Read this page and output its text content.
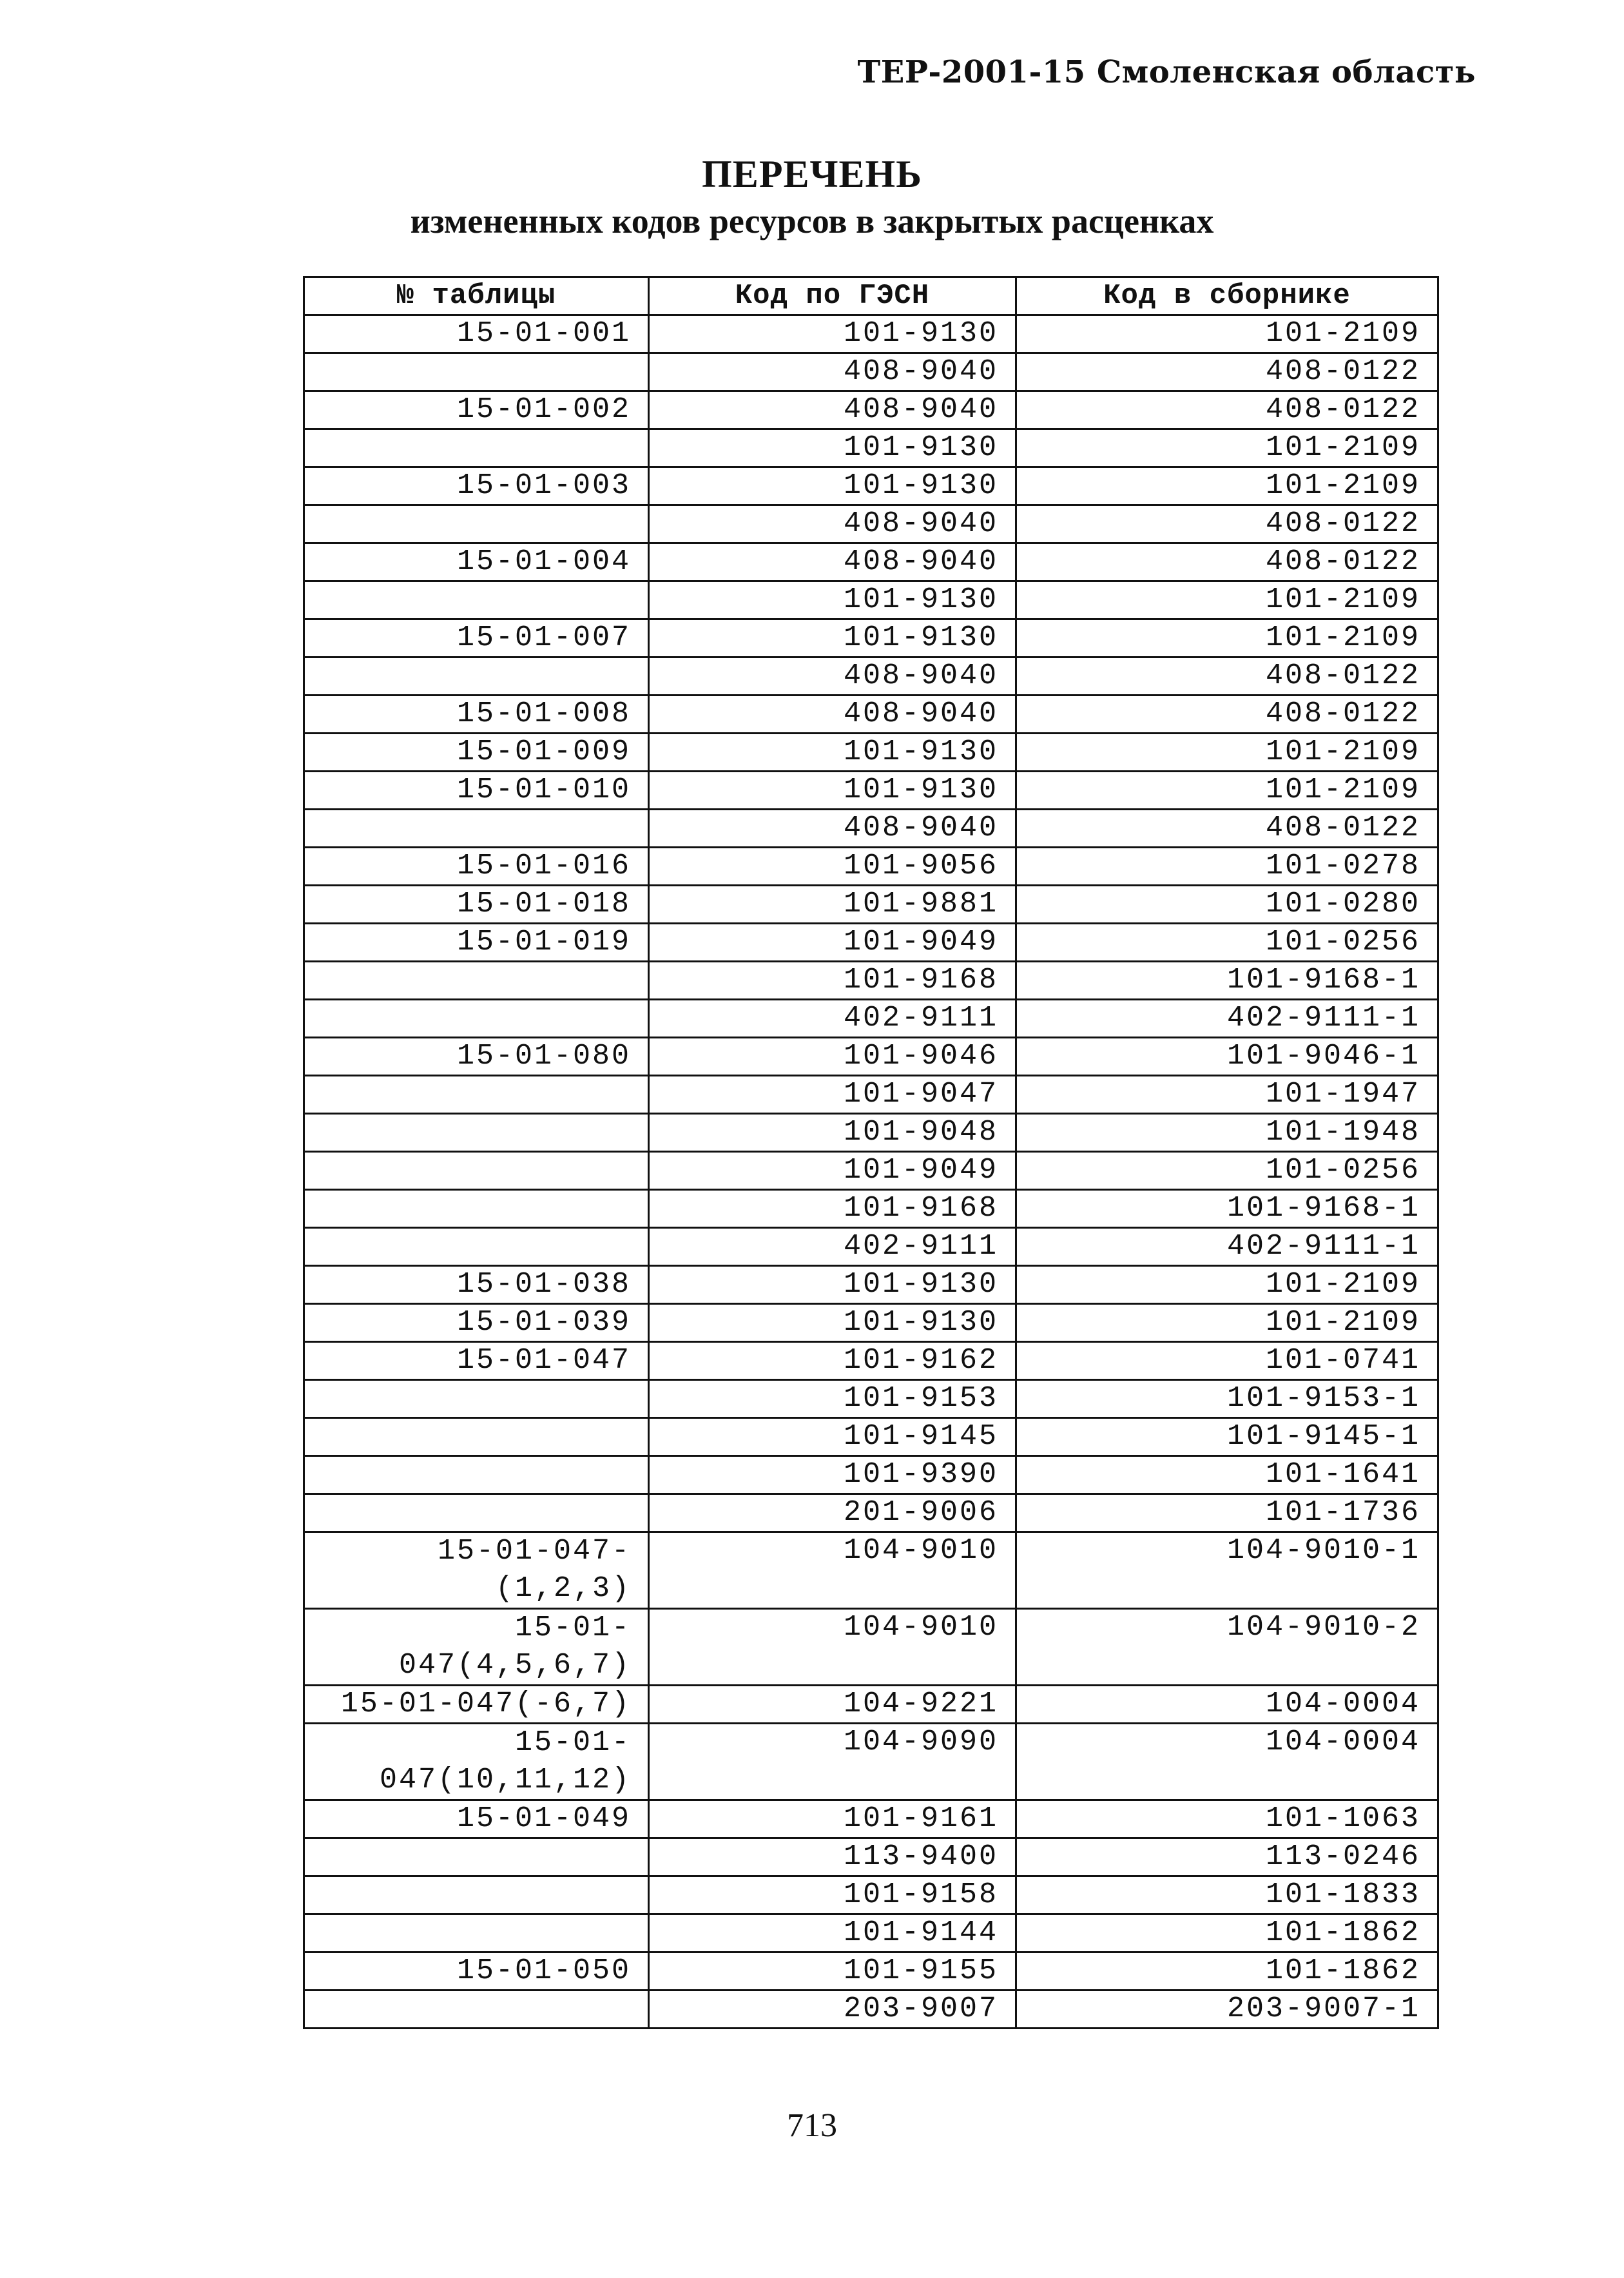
ТЕР-2001-15 Смоленская область
ПЕРЕЧЕНЬ
измененных кодов ресурсов в закрытых расценках
№ таблицы	Код по ГЭСН	Код в сборнике
15-01-001	101-9130	101-2109
	408-9040	408-0122
15-01-002	408-9040	408-0122
	101-9130	101-2109
15-01-003	101-9130	101-2109
	408-9040	408-0122
15-01-004	408-9040	408-0122
	101-9130	101-2109
15-01-007	101-9130	101-2109
	408-9040	408-0122
15-01-008	408-9040	408-0122
15-01-009	101-9130	101-2109
15-01-010	101-9130	101-2109
	408-9040	408-0122
15-01-016	101-9056	101-0278
15-01-018	101-9881	101-0280
15-01-019	101-9049	101-0256
	101-9168	101-9168-1
	402-9111	402-9111-1
15-01-080	101-9046	101-9046-1
	101-9047	101-1947
	101-9048	101-1948
	101-9049	101-0256
	101-9168	101-9168-1
	402-9111	402-9111-1
15-01-038	101-9130	101-2109
15-01-039	101-9130	101-2109
15-01-047	101-9162	101-0741
	101-9153	101-9153-1
	101-9145	101-9145-1
	101-9390	101-1641
	201-9006	101-1736
15-01-047-
(1,2,3)	104-9010	104-9010-1
15-01-
047(4,5,6,7)	104-9010	104-9010-2
15-01-047(-6,7)	104-9221	104-0004
15-01-
047(10,11,12)	104-9090	104-0004
15-01-049	101-9161	101-1063
	113-9400	113-0246
	101-9158	101-1833
	101-9144	101-1862
15-01-050	101-9155	101-1862
	203-9007	203-9007-1
713
